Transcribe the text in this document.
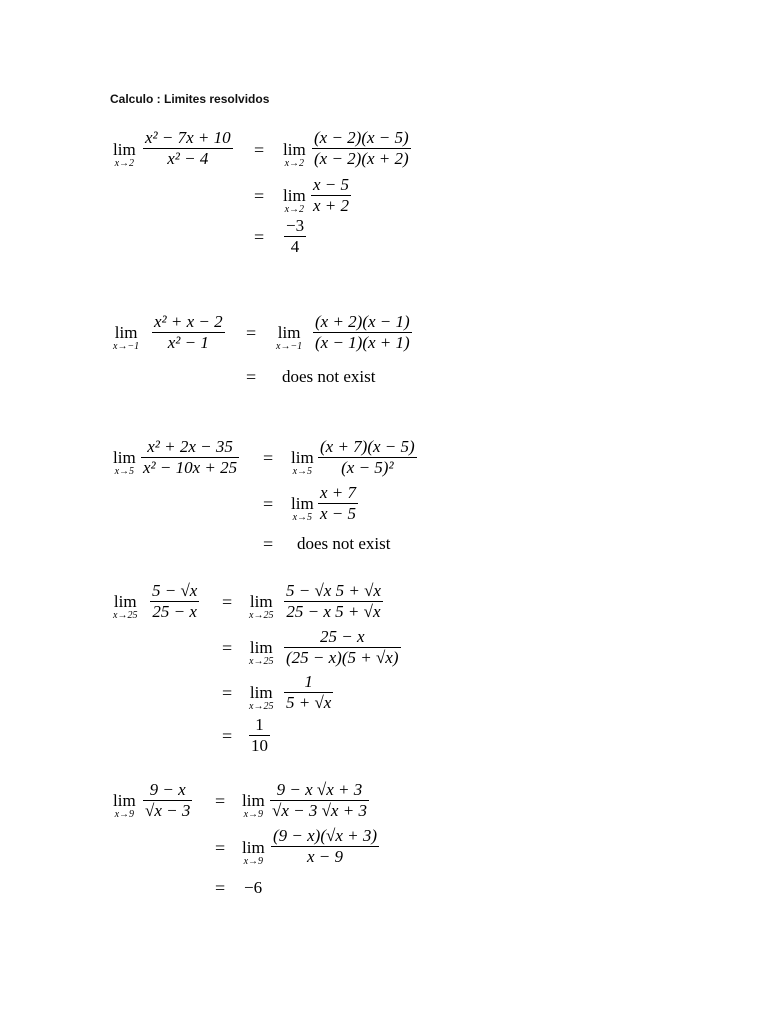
Calculo : Limites resolvidos
lim
x→2
x² − 7x + 10
x² − 4	= lim
x→2
(x − 2)(x − 5)
(x − 2)(x + 2)
= lim
x→2
x − 5
x + 2
=
−3
4
lim
x→−1
x² + x − 2
x² − 1 = lim
x→−1
(x + 2)(x − 1)
(x − 1)(x + 1)
= does not exist
lim
x→5
x² + 2x − 35
x² − 10x + 25 = lim
x→5
(x + 7)(x − 5)
(x − 5)²
= lim
x→5
x + 7
x − 5
= does not exist
lim
x→25
5 − √x
25 − x = lim
x→25
5 − √x 5 + √x
25 − x 5 + √x
= lim
x→25
25 − x
(25 − x)(5 + √x)
= lim
x→25
1
5 + √x
=
1
10
lim
x→9
9 − x
√x − 3 = lim
x→9
9 − x √x + 3
√x − 3 √x + 3
= lim
x→9
(9 − x)(√x + 3)
x − 9
= −6
